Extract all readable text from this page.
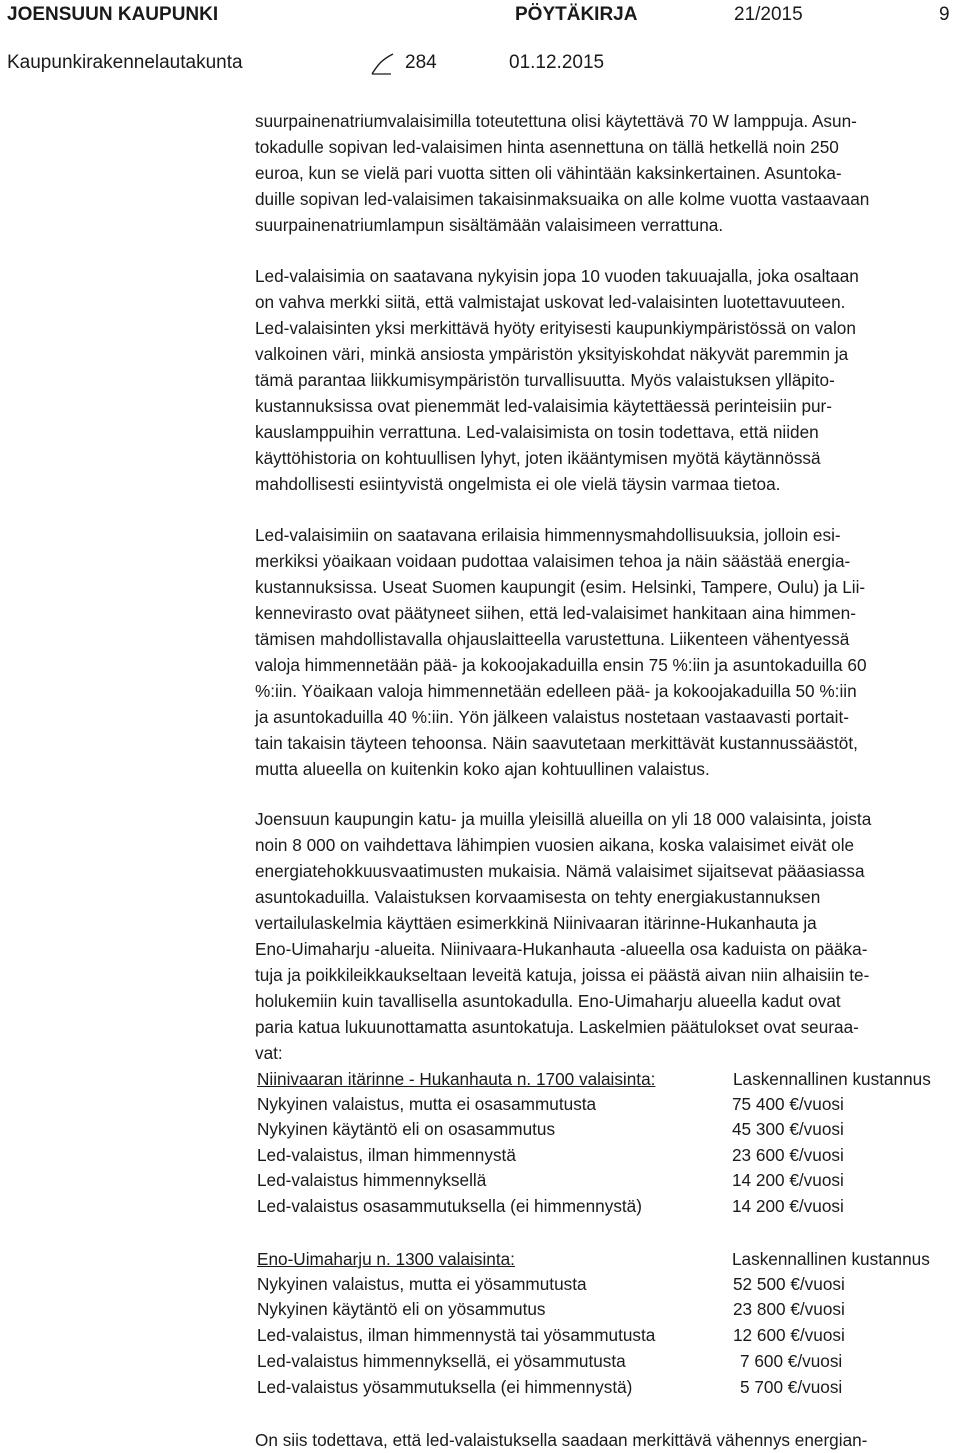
JOENSUUN KAUPUNKI	PÖYTÄKIRJA	21/2015	9
Kaupunkirakennelautakunta	284	01.12.2015

suurpainenatriumvalaisimilla toteutettuna olisi käytettävä 70 W lamppuja. Asun-
tokadulle sopivan led-valaisimen hinta asennettuna on tällä hetkellä noin 250
euroa, kun se vielä pari vuotta sitten oli vähintään kaksinkertainen. Asuntoka-
duille sopivan led-valaisimen takaisinmaksuaika on alle kolme vuotta vastaavaan
suurpainenatriumlampun sisältämään valaisimeen verrattuna.

Led-valaisimia on saatavana nykyisin jopa 10 vuoden takuuajalla, joka osaltaan
on vahva merkki siitä, että valmistajat uskovat led-valaisinten luotettavuuteen.
Led-valaisinten yksi merkittävä hyöty erityisesti kaupunkiympäristössä on valon
valkoinen väri, minkä ansiosta ympäristön yksityiskohdat näkyvät paremmin ja
tämä parantaa liikkumisympäristön turvallisuutta. Myös valaistuksen ylläpito-
kustannuksissa ovat pienemmät led-valaisimia käytettäessä perinteisiin pur-
kauslamppuihin verrattuna. Led-valaisimista on tosin todettava, että niiden
käyttöhistoria on kohtuullisen lyhyt, joten ikääntymisen myötä käytännössä
mahdollisesti esiintyvistä ongelmista ei ole vielä täysin varmaa tietoa.

Led-valaisimiin on saatavana erilaisia himmennysmahdollisuuksia, jolloin esi-
merkiksi yöaikaan voidaan pudottaa valaisimen tehoa ja näin säästää energia-
kustannuksissa. Useat Suomen kaupungit (esim. Helsinki, Tampere, Oulu) ja Lii-
kennevirasto ovat päätyneet siihen, että led-valaisimet hankitaan aina himmen-
tämisen mahdollistavalla ohjauslaitteella varustettuna. Liikenteen vähentyessä
valoja himmennetään pää- ja kokoojakaduilla ensin 75 %:iin ja asuntokaduilla 60
%:iin. Yöaikaan valoja himmennetään edelleen pää- ja kokoojakaduilla 50 %:iin
ja asuntokaduilla 40 %:iin. Yön jälkeen valaistus nostetaan vastaavasti portait-
tain takaisin täyteen tehoonsa. Näin saavutetaan merkittävät kustannussäästöt,
mutta alueella on kuitenkin koko ajan kohtuullinen valaistus.

Joensuun kaupungin katu- ja muilla yleisillä alueilla on yli 18 000 valaisinta, joista
noin 8 000 on vaihdettava lähimpien vuosien aikana, koska valaisimet eivät ole
energiatehokkuusvaatimusten mukaisia. Nämä valaisimet sijaitsevat pääasiassa
asuntokaduilla. Valaistuksen korvaamisesta on tehty energiakustannuksen
vertailulaskelmia käyttäen esimerkkinä Niinivaaran itärinne-Hukanhauta ja
Eno-Uimaharju -alueita. Niinivaara-Hukanhauta -alueella osa kaduista on pääka-
tuja ja poikkileikkaukseltaan leveitä katuja, joissa ei päästä aivan niin alhaisiin te-
holukemiin kuin tavallisella asuntokadulla. Eno-Uimaharju alueella kadut ovat
paria katua lukuunottamatta asuntokatuja. Laskelmien päätulokset ovat seuraa-
vat:

Niinivaaran itärinne - Hukanhauta n. 1700 valaisinta:	Laskennallinen kustannus
Nykyinen valaistus, mutta ei osasammutusta	75 400 €/vuosi
Nykyinen käytäntö eli on osasammutus	45 300 €/vuosi
Led-valaistus, ilman himmennystä	23 600 €/vuosi
Led-valaistus himmennyksellä	14 200 €/vuosi
Led-valaistus osasammutuksella (ei himmennystä)	14 200 €/vuosi
Eno-Uimaharju n. 1300 valaisinta:	Laskennallinen kustannus
Nykyinen valaistus, mutta ei yösammutusta	52 500 €/vuosi
Nykyinen käytäntö eli on yösammutus	23 800 €/vuosi
Led-valaistus, ilman himmennystä tai yösammutusta	12 600 €/vuosi
Led-valaistus himmennyksellä, ei yösammutusta	7 600 €/vuosi
Led-valaistus yösammutuksella (ei himmennystä)	5 700 €/vuosi

On siis todettava, että led-valaistuksella saadaan merkittävä vähennys energian-
